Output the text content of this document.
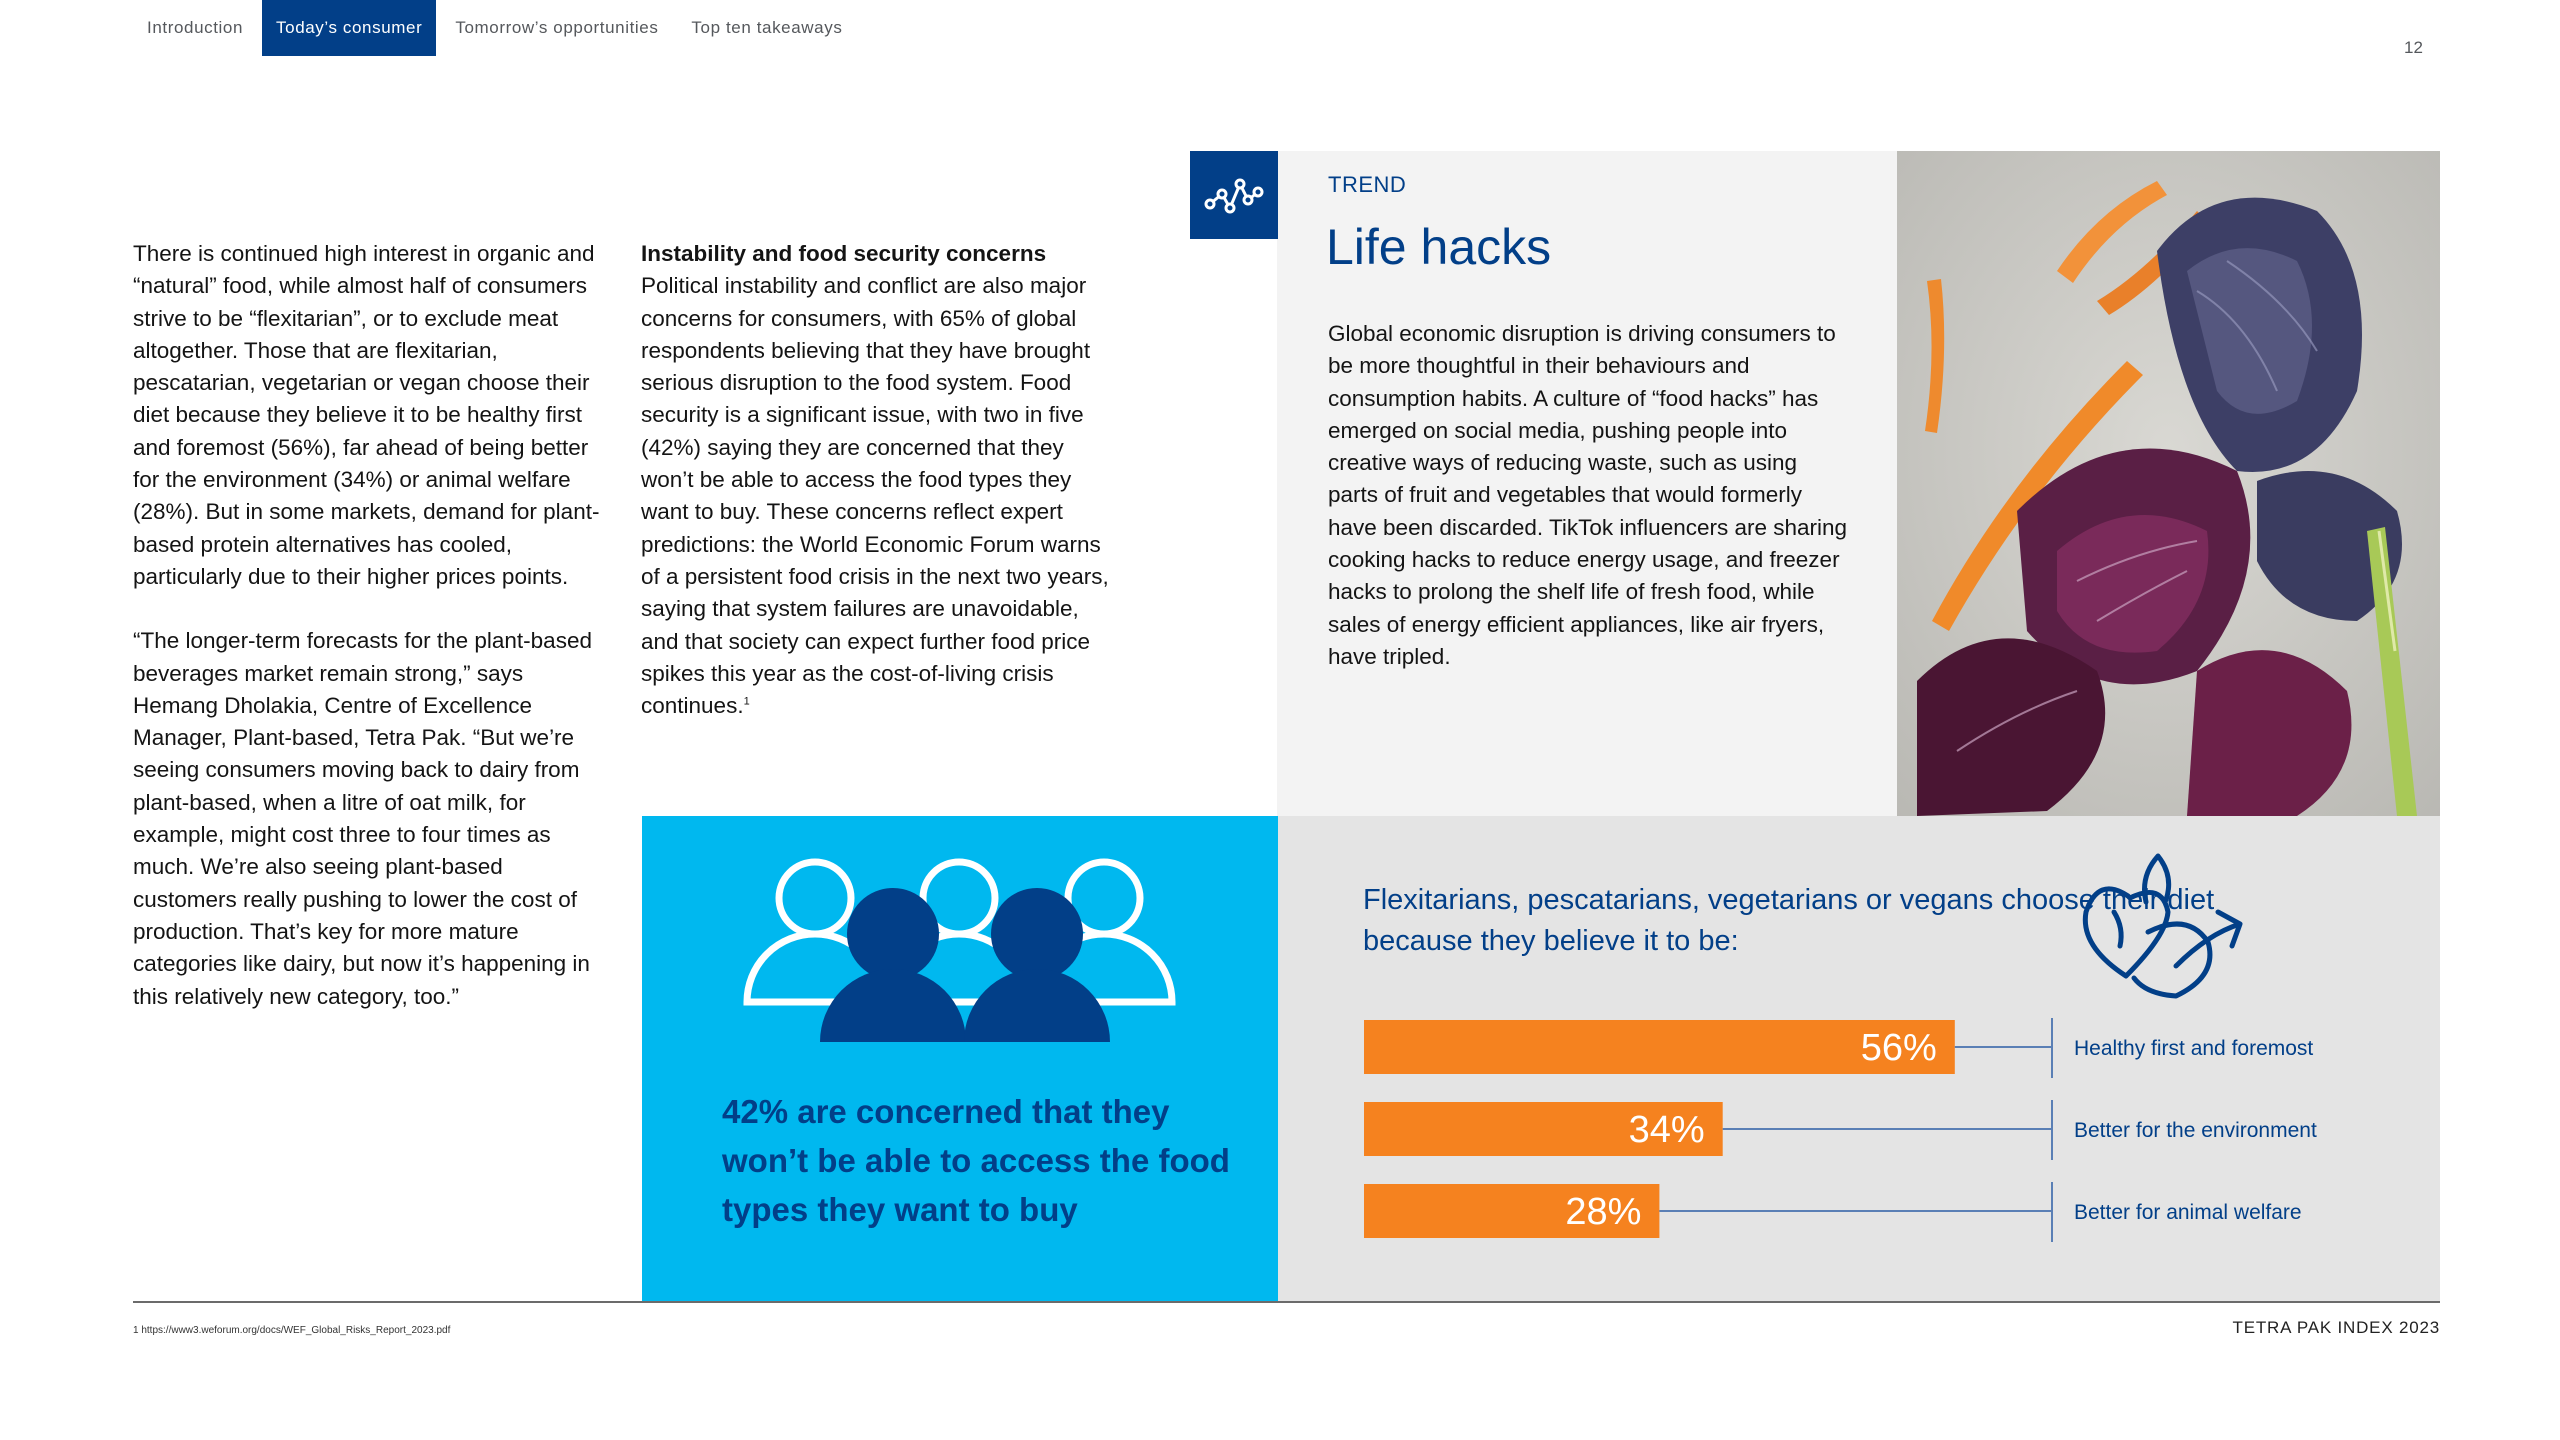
Introduction	Today’s consumer	Tomorrow’s opportunities	Top ten takeaways
12

There is continued high interest in organic and “natural” food, while almost half of consumers strive to be “flexitarian”, or to exclude meat altogether. Those that are flexitarian, pescatarian, vegetarian or vegan choose their diet because they believe it to be healthy first and foremost (56%), far ahead of being better for the environment (34%) or animal welfare (28%). But in some markets, demand for plant-based protein alternatives has cooled, particularly due to their higher prices points.

“The longer-term forecasts for the plant-based beverages market remain strong,” says Hemang Dholakia, Centre of Excellence Manager, Plant-based, Tetra Pak. “But we’re seeing consumers moving back to dairy from plant-based, when a litre of oat milk, for example, might cost three to four times as much. We’re also seeing plant-based customers really pushing to lower the cost of production. That’s key for more mature categories like dairy, but now it’s happening in this relatively new category, too.”

Instability and food security concerns
Political instability and conflict are also major concerns for consumers, with 65% of global respondents believing that they have brought serious disruption to the food system. Food security is a significant issue, with two in five (42%) saying they are concerned that they won’t be able to access the food types they want to buy. These concerns reflect expert predictions: the World Economic Forum warns of a persistent food crisis in the next two years, saying that system failures are unavoidable, and that society can expect further food price spikes this year as the cost-of-living crisis continues.$^1$
TREND
Life hacks
Global economic disruption is driving consumers to be more thoughtful in their behaviours and consumption habits. A culture of “food hacks” has emerged on social media, pushing people into creative ways of reducing waste, such as using parts of fruit and vegetables that would formerly have been discarded. TikTok influencers are sharing cooking hacks to reduce energy usage, and freezer hacks to prolong the shelf life of fresh food, while sales of energy efficient appliances, like air fryers, have tripled.
42% are concerned that they won’t be able to access the food types they want to buy
Flexitarians, pescatarians, vegetarians or vegans choose their diet because they believe it to be:
56%	Healthy first and foremost
34%	Better for the environment
28%	Better for animal welfare
1 https://www3.weforum.org/docs/WEF_Global_Risks_Report_2023.pdf	TETRA PAK INDEX 2023
